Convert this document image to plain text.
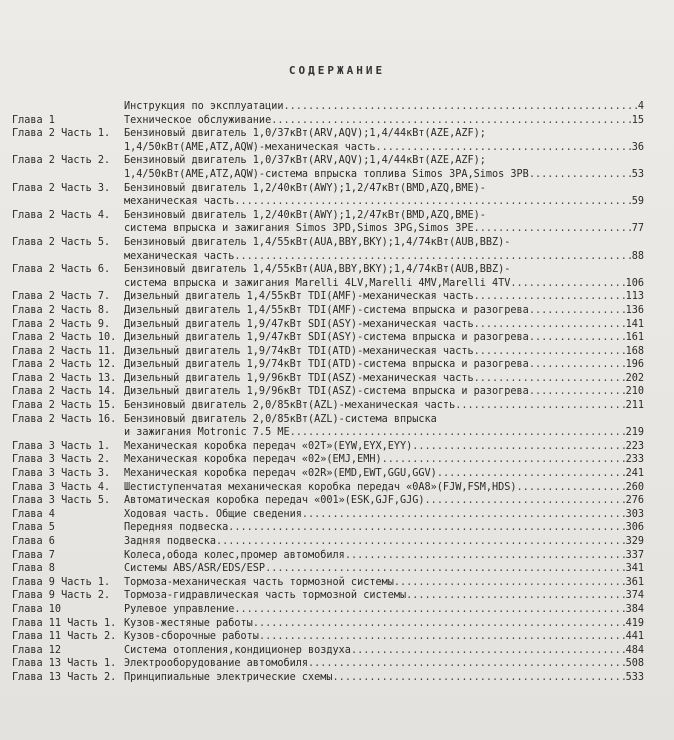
СОДЕРЖАНИЕ
Инструкция по эксплуатации .....	4
Глава 1	Техническое обслуживание .....	15
Глава 2 Часть 1. Бензиновый двигатель 1,0/37кВт(ARV,AQV);1,4/44кВт(AZE,AZF);
1,4/50кВт(AME,ATZ,AQW)-механическая часть .....	36
Глава 2 Часть 2. Бензиновый двигатель 1,0/37кВт(ARV,AQV);1,4/44кВт(AZE,AZF);
1,4/50кВт(AME,ATZ,AQW)-система впрыска топлива Simos 3PA,Simos 3PB .....	53
Глава 2 Часть 3. Бензиновый двигатель 1,2/40кВт(AWY);1,2/47кВт(BMD,AZQ,BME)-
механическая часть .....	59
Глава 2 Часть 4. Бензиновый двигатель 1,2/40кВт(AWY);1,2/47кВт(BMD,AZQ,BME)-
система впрыска и зажигания Simos 3PD,Simos 3PG,Simos 3PE .....	77
Глава 2 Часть 5. Бензиновый двигатель 1,4/55кВт(AUA,BBY,BKY);1,4/74кВт(AUB,BBZ)-
механическая часть .....	88
Глава 2 Часть 6. Бензиновый двигатель 1,4/55кВт(AUA,BBY,BKY);1,4/74кВт(AUB,BBZ)-
система впрыска и зажигания Marelli 4LV,Marelli 4MV,Marelli 4TV .....	106
Глава 2 Часть 7. Дизельный двигатель 1,4/55кВт TDI(AMF)-механическая часть .....	113
Глава 2 Часть 8. Дизельный двигатель 1,4/55кВт TDI(AMF)-система впрыска и разогрева .....	136
Глава 2 Часть 9. Дизельный двигатель 1,9/47кВт SDI(ASY)-механическая часть .....	141
Глава 2 Часть 10. Дизельный двигатель 1,9/47кВт SDI(ASY)-система впрыска и разогрева .....	161
Глава 2 Часть 11. Дизельный двигатель 1,9/74кВт TDI(ATD)-механическая часть .....	168
Глава 2 Часть 12. Дизельный двигатель 1,9/74кВт TDI(ATD)-система впрыска и разогрева .....	196
Глава 2 Часть 13. Дизельный двигатель 1,9/96кВт TDI(ASZ)-механическая часть .....	202
Глава 2 Часть 14. Дизельный двигатель 1,9/96кВт TDI(ASZ)-система впрыска и разогрева .....	210
Глава 2 Часть 15. Бензиновый двигатель 2,0/85кВт(AZL)-механическая часть .....	211
Глава 2 Часть 16. Бензиновый двигатель 2,0/85кВт(AZL)-система впрыска
и зажигания Motronic 7.5 ME .....	219
Глава 3 Часть 1. Механическая коробка передач «02T»(EYW,EYX,EYY) .....	223
Глава 3 Часть 2. Механическая коробка передач «02»(EMJ,EMH) .....	233
Глава 3 Часть 3. Механическая коробка передач «02R»(EMD,EWT,GGU,GGV) .....	241
Глава 3 Часть 4. Шестиступенчатая механическая коробка передач «0A8»(FJW,FSM,HDS) .....	260
Глава 3 Часть 5. Автоматическая коробка передач «001»(ESK,GJF,GJG) .....	276
Глава 4	Ходовая часть. Общие сведения .....	303
Глава 5	Передняя подвеска .....	306
Глава 6	Задняя подвеска .....	329
Глава 7	Колеса,обода колес,промер автомобиля .....	337
Глава 8	Системы ABS/ASR/EDS/ESP .....	341
Глава 9 Часть 1. Тормоза-механическая часть тормозной системы .....	361
Глава 9 Часть 2. Тормоза-гидравлическая часть тормозной системы .....	374
Глава 10	Рулевое управление .....	384
Глава 11 Часть 1. Кузов-жестяные работы .....	419
Глава 11 Часть 2. Кузов-сборочные работы .....	441
Глава 12	Система отопления,кондиционер воздуха .....	484
Глава 13 Часть 1. Электрооборудование автомобиля .....	508
Глава 13 Часть 2. Принципиальные электрические схемы .....	533
